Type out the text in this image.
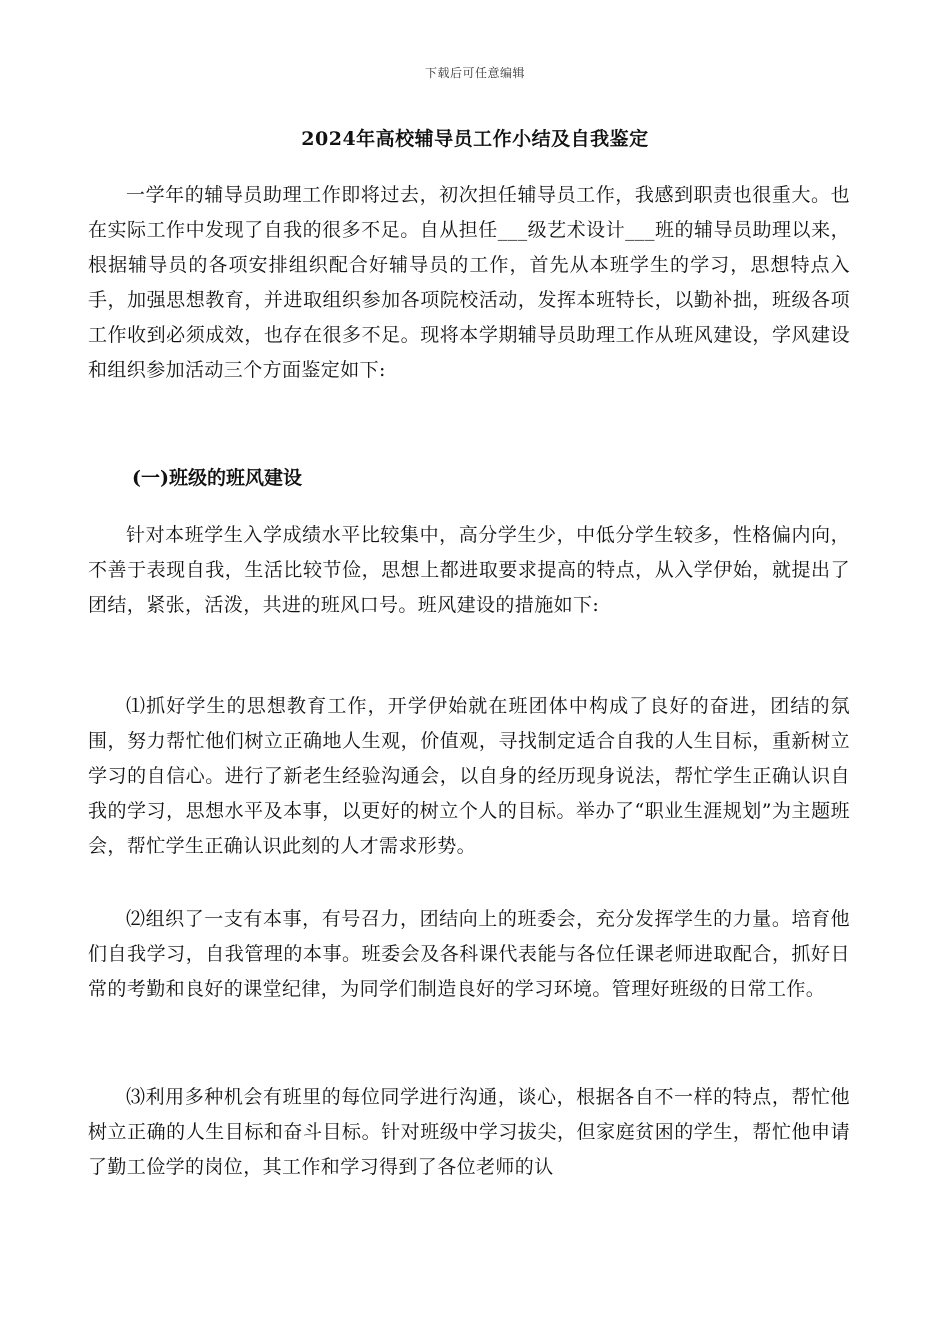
下载后可任意编辑
2024年高校辅导员工作小结及自我鉴定

一学年的辅导员助理工作即将过去，初次担任辅导员工作，我感到职责也很重大。也在实际工作中发现了自我的很多不足。自从担任___级艺术设计___班的辅导员助理以来，根据辅导员的各项安排组织配合好辅导员的工作，首先从本班学生的学习，思想特点入手，加强思想教育，并进取组织参加各项院校活动，发挥本班特长，以勤补拙，班级各项工作收到必须成效，也存在很多不足。现将本学期辅导员助理工作从班风建设，学风建设和组织参加活动三个方面鉴定如下:

(一)班级的班风建设

针对本班学生入学成绩水平比较集中，高分学生少，中低分学生较多，性格偏内向，不善于表现自我，生活比较节俭，思想上都进取要求提高的特点，从入学伊始，就提出了团结，紧张，活泼，共进的班风口号。班风建设的措施如下:

⑴抓好学生的思想教育工作，开学伊始就在班团体中构成了良好的奋进，团结的氛围，努力帮忙他们树立正确地人生观，价值观，寻找制定适合自我的人生目标，重新树立学习的自信心。进行了新老生经验沟通会，以自身的经历现身说法，帮忙学生正确认识自我的学习，思想水平及本事，以更好的树立个人的目标。举办了“职业生涯规划”为主题班会，帮忙学生正确认识此刻的人才需求形势。

⑵组织了一支有本事，有号召力，团结向上的班委会，充分发挥学生的力量。培育他们自我学习，自我管理的本事。班委会及各科课代表能与各位任课老师进取配合，抓好日常的考勤和良好的课堂纪律，为同学们制造良好的学习环境。管理好班级的日常工作。

⑶利用多种机会有班里的每位同学进行沟通，谈心，根据各自不一样的特点，帮忙他树立正确的人生目标和奋斗目标。针对班级中学习拔尖，但家庭贫困的学生，帮忙他申请了勤工俭学的岗位，其工作和学习得到了各位老师的认
